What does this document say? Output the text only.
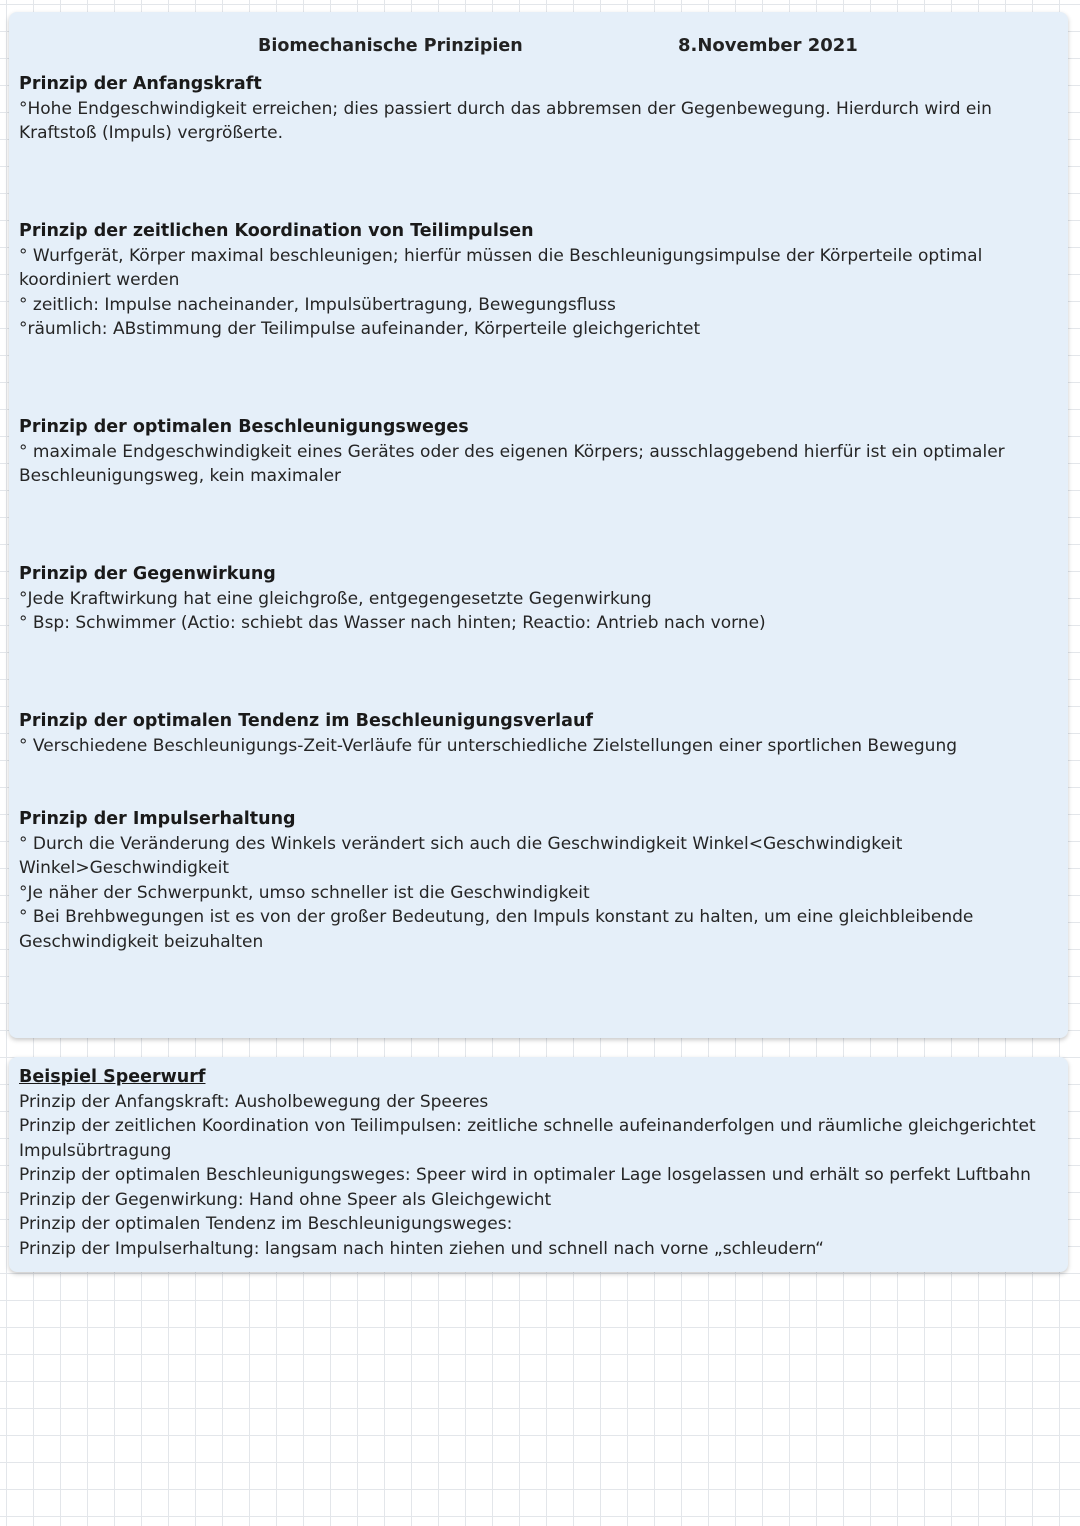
Biomechanische Prinzipien	8.November 2021
Prinzip der Anfangskraft
°Hohe Endgeschwindigkeit erreichen; dies passiert durch das abbremsen der Gegenbewegung. Hierdurch wird ein
Kraftstoß (Impuls) vergrößerte.
Prinzip der zeitlichen Koordination von Teilimpulsen
° Wurfgerät, Körper maximal beschleunigen; hierfür müssen die Beschleunigungsimpulse der Körperteile optimal
koordiniert werden
° zeitlich: Impulse nacheinander, Impulsübertragung, Bewegungsfluss
°räumlich: ABstimmung der Teilimpulse aufeinander, Körperteile gleichgerichtet
Prinzip der optimalen Beschleunigungsweges
° maximale Endgeschwindigkeit eines Gerätes oder des eigenen Körpers; ausschlaggebend hierfür ist ein optimaler
Beschleunigungsweg, kein maximaler
Prinzip der Gegenwirkung
°Jede Kraftwirkung hat eine gleichgroße, entgegengesetzte Gegenwirkung
° Bsp: Schwimmer (Actio: schiebt das Wasser nach hinten; Reactio: Antrieb nach vorne)
Prinzip der optimalen Tendenz im Beschleunigungsverlauf
° Verschiedene Beschleunigungs-Zeit-Verläufe für unterschiedliche Zielstellungen einer sportlichen Bewegung
Prinzip der Impulserhaltung
° Durch die Veränderung des Winkels verändert sich auch die Geschwindigkeit Winkel<Geschwindigkeit
Winkel>Geschwindigkeit
°Je näher der Schwerpunkt, umso schneller ist die Geschwindigkeit
° Bei Brehbwegungen ist es von der großer Bedeutung, den Impuls konstant zu halten, um eine gleichbleibende
Geschwindigkeit beizuhalten
Beispiel Speerwurf
Prinzip der Anfangskraft: Ausholbewegung der Speeres
Prinzip der zeitlichen Koordination von Teilimpulsen: zeitliche schnelle aufeinanderfolgen und räumliche gleichgerichtet
Impulsübrtragung
Prinzip der optimalen Beschleunigungsweges: Speer wird in optimaler Lage losgelassen und erhält so perfekt Luftbahn
Prinzip der Gegenwirkung: Hand ohne Speer als Gleichgewicht
Prinzip der optimalen Tendenz im Beschleunigungsweges:
Prinzip der Impulserhaltung: langsam nach hinten ziehen und schnell nach vorne „schleudern“
